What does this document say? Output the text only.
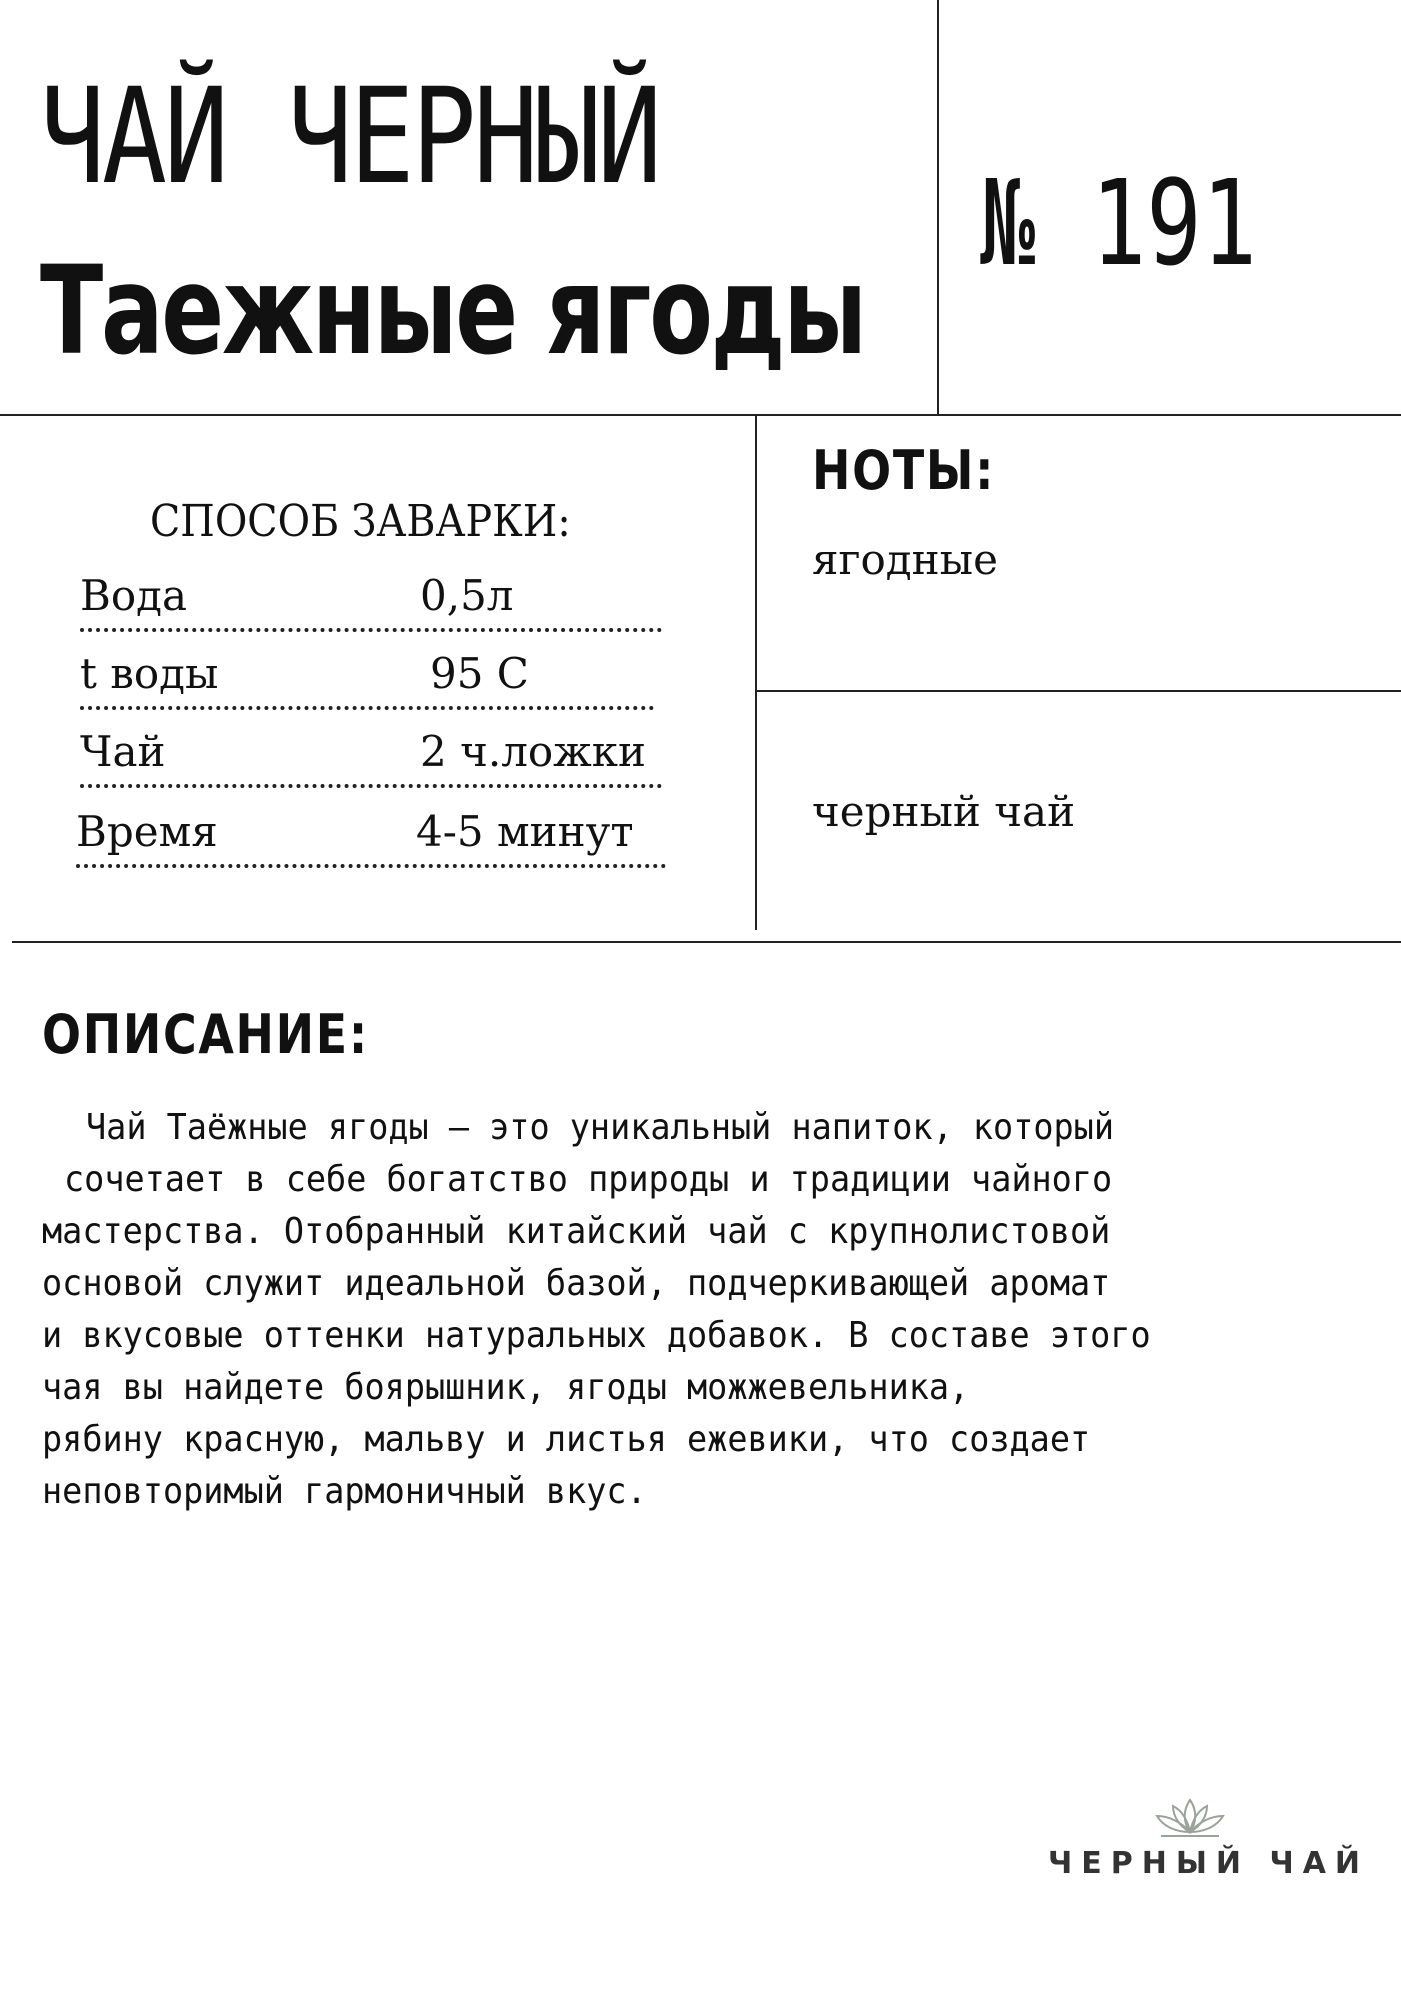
ЧАЙ ЧЕРНЫЙ
Таежные ягоды
№ 191
СПОСОБ ЗАВАРКИ:
Вода	0,5л
t воды	95 С
Чай	2 ч.ложки
Время	4-5 минут
НОТЫ:
ягодные
черный чай
ОПИСАНИЕ:
Чай Таёжные ягоды — это уникальный напиток, который
сочетает в себе богатство природы и традиции чайного
мастерства. Отобранный китайский чай с крупнолистовой
основой служит идеальной базой, подчеркивающей аромат
и вкусовые оттенки натуральных добавок. В составе этого
чая вы найдете боярышник, ягоды можжевельника,
рябину красную, мальву и листья ежевики, что создает
неповторимый гармоничный вкус.
ЧЕРНЫЙ ЧАЙ
